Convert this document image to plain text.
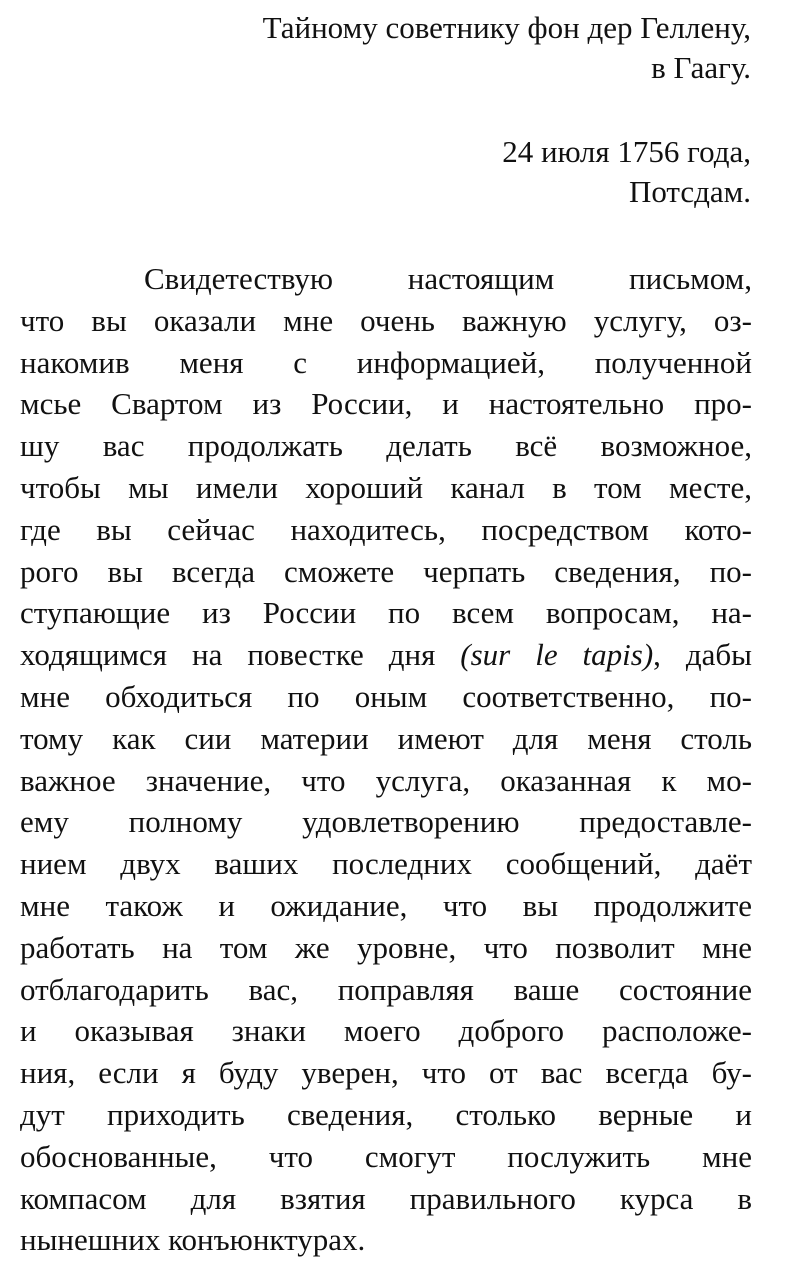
Тайному советнику фон дер Геллену,
в Гаагу.
24 июля 1756 года,
Потсдам.
Свидетествую настоящим письмом,
что вы оказали мне очень важную услугу, оз-
накомив меня с информацией, полученной
мсье Свартом из России, и настоятельно про-
шу вас продолжать делать всё возможное,
чтобы мы имели хороший канал в том месте,
где вы сейчас находитесь, посредством кото-
рого вы всегда сможете черпать сведения, по-
ступающие из России по всем вопросам, на-
ходящимся на повестке дня (sur le tapis), дабы
мне обходиться по оным соответственно, по-
тому как сии материи имеют для меня столь
важное значение, что услуга, оказанная к мо-
ему полному удовлетворению предоставле-
нием двух ваших последних сообщений, даёт
мне також и ожидание, что вы продолжите
работать на том же уровне, что позволит мне
отблагодарить вас, поправляя ваше состояние
и оказывая знаки моего доброго расположе-
ния, если я буду уверен, что от вас всегда бу-
дут приходить сведения, столько верные и
обоснованные, что смогут послужить мне
компасом для взятия правильного курса в
нынешних конъюнктурах.
